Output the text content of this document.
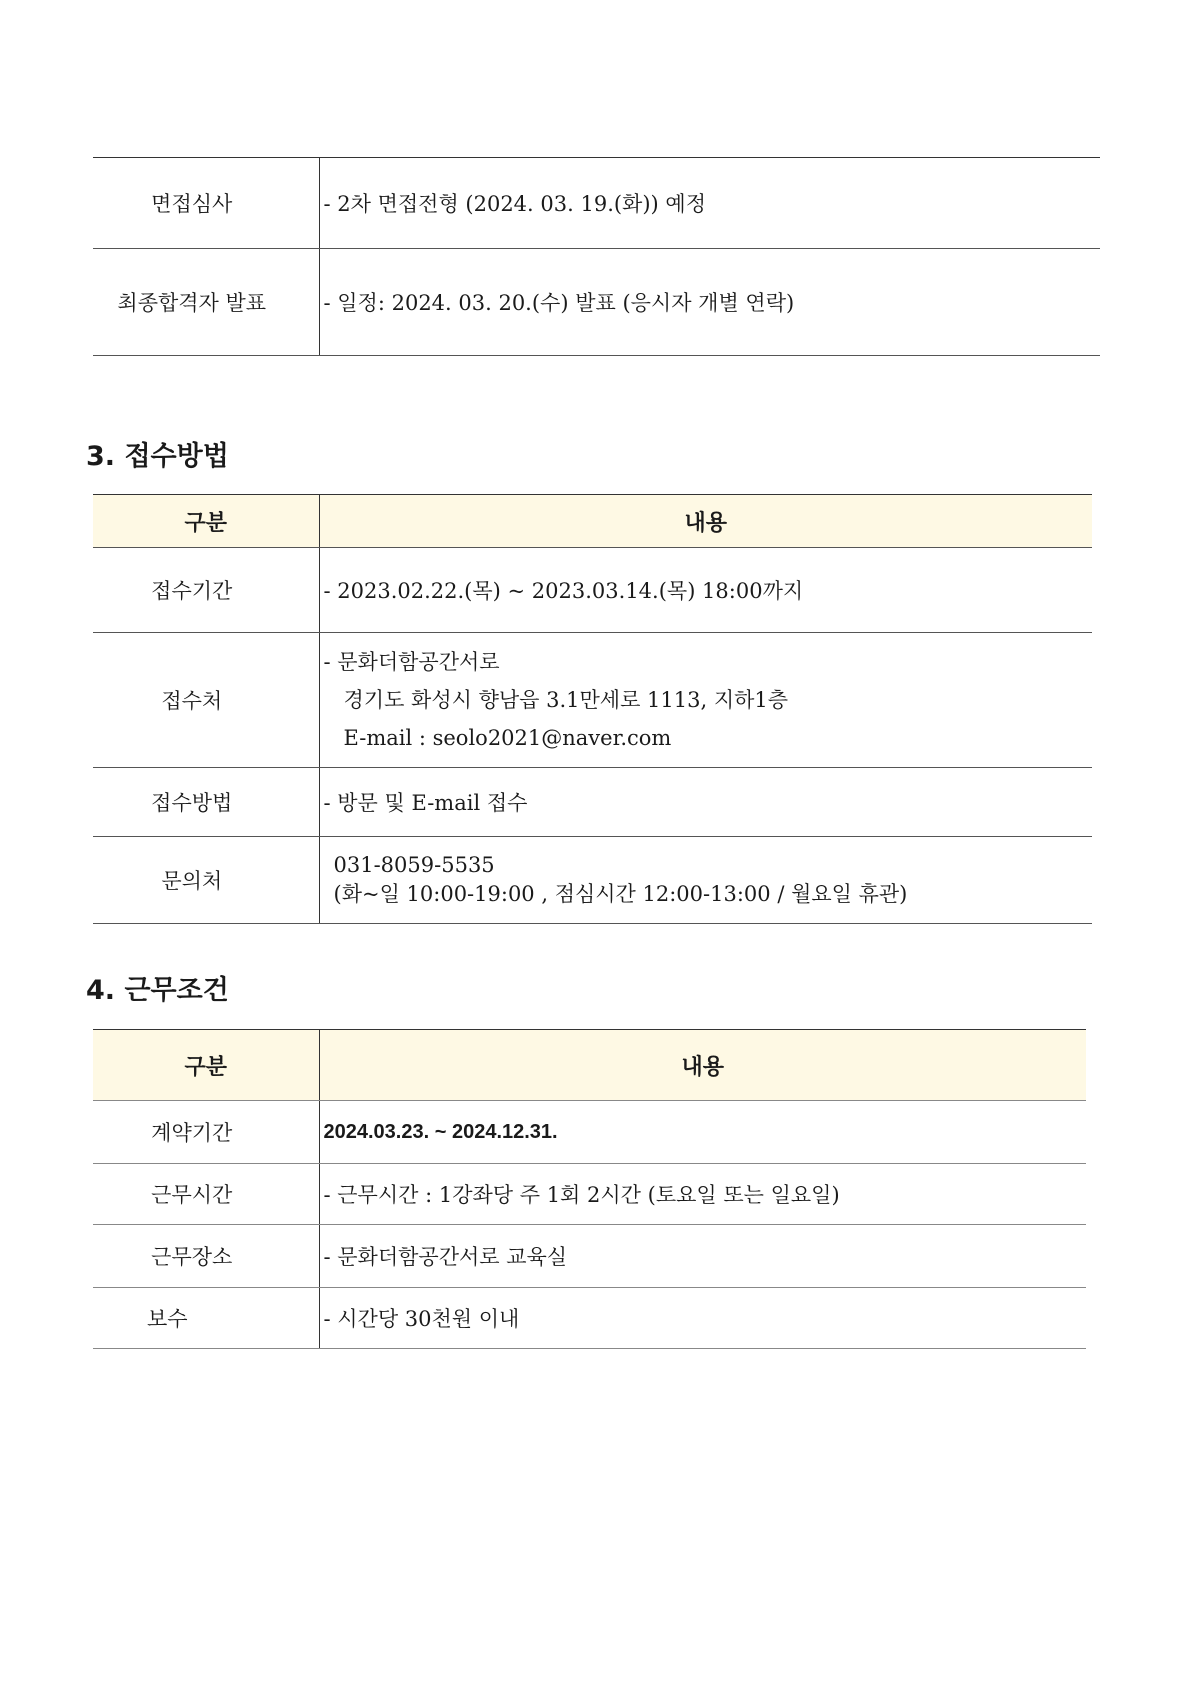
면접심사	- 2차 면접전형 (2024. 03. 19.(화)) 예정
최종합격자 발표	- 일정: 2024. 03. 20.(수) 발표 (응시자 개별 연락)
3. 접수방법
구분	내용
접수기간	- 2023.02.22.(목) ~ 2023.03.14.(목) 18:00까지
접수처	- 문화더함공간서로
경기도 화성시 향남읍 3.1만세로 1113, 지하1층
E-mail : seolo2021@naver.com

접수방법	- 방문 및 E-mail 접수
문의처	031-8059-5535
(화~일 10:00-19:00 , 점심시간 12:00-13:00 / 월요일 휴관)
4. 근무조건
구분	내용
계약기간	2024.03.23. ~ 2024.12.31.
근무시간	- 근무시간 : 1강좌당 주 1회 2시간 (토요일 또는 일요일)
근무장소	- 문화더함공간서로 교육실
보수	- 시간당 30천원 이내
